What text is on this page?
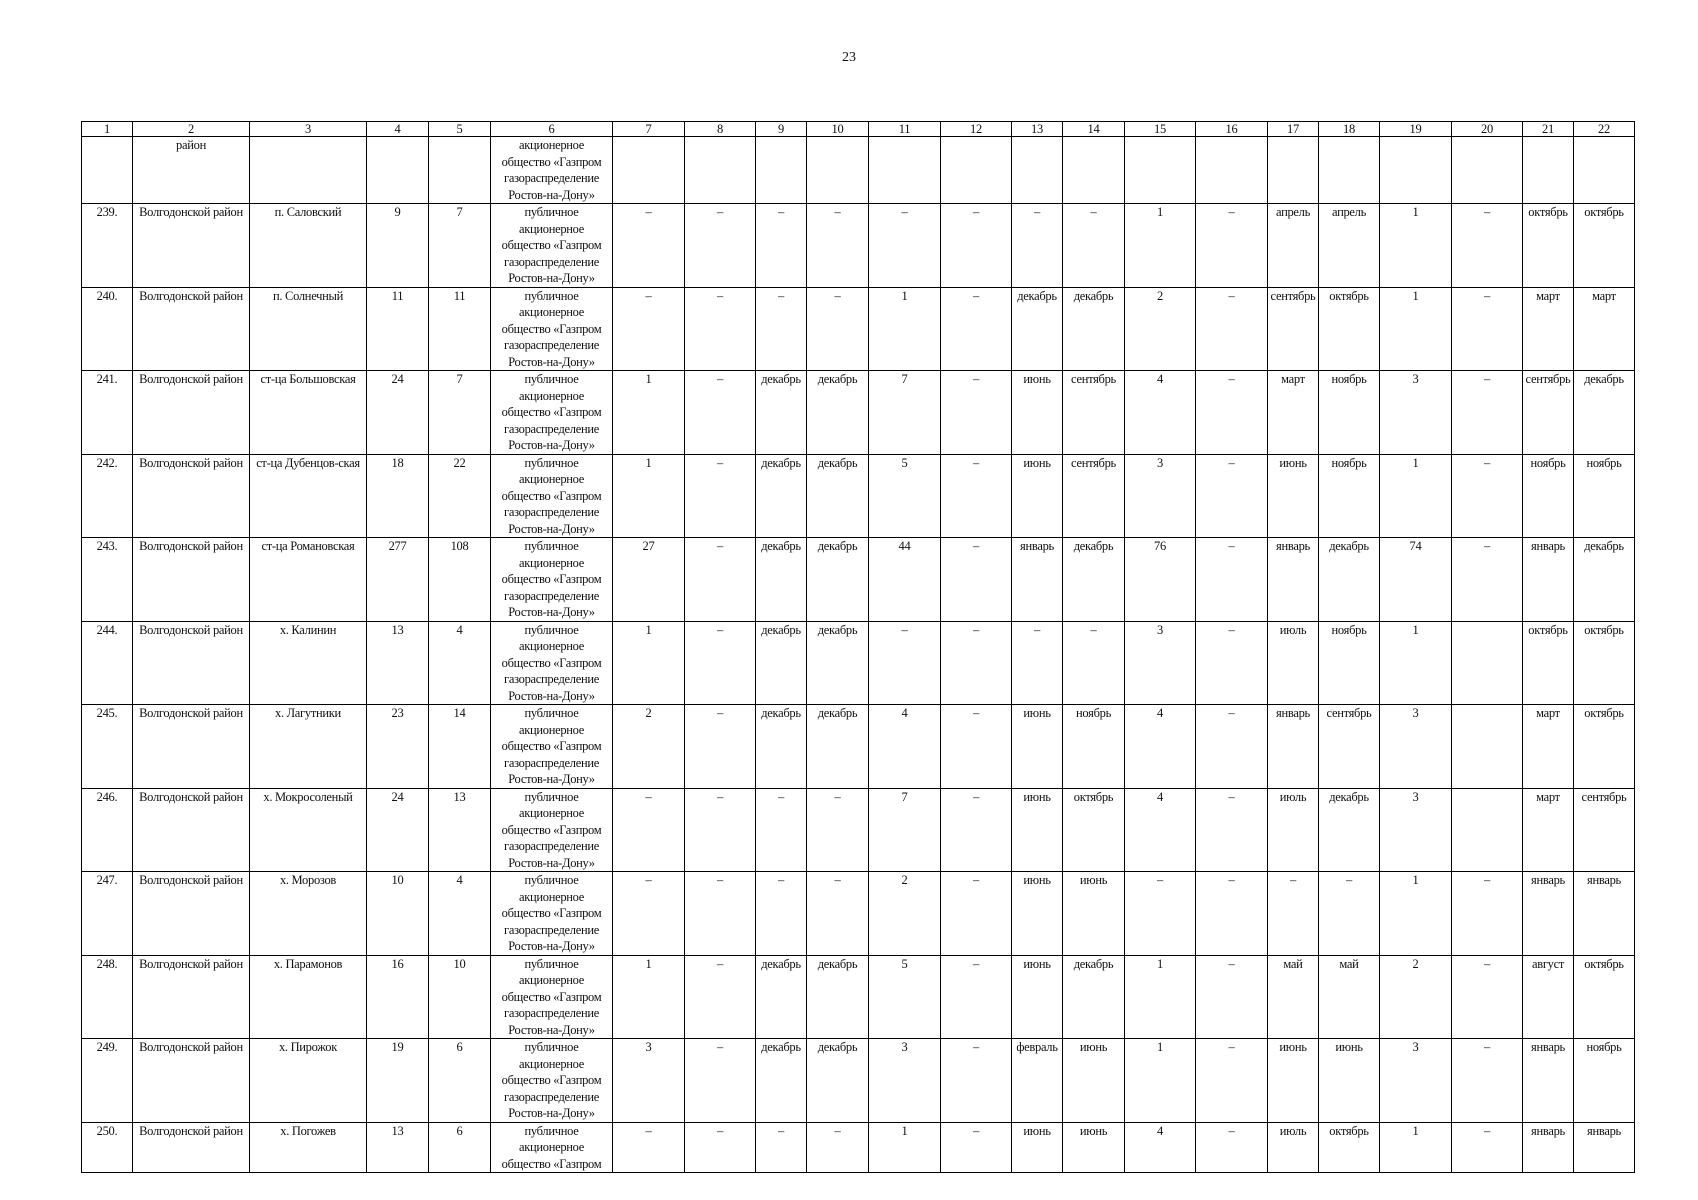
23
1	2	3	4	5	6	7	8	9	10	11	12	13	14	15	16	17	18	19	20	21	22
	район				акционерное
общество «Газпром
газораспределение
Ростов-на-Дону»																
239.	Волгодонской район	п. Саловский	9	7	публичное
акционерное
общество «Газпром
газораспределение
Ростов-на-Дону»	–	–	–	–	–	–	–	–	1	–	апрель	апрель	1	–	октябрь	октябрь
240.	Волгодонской район	п. Солнечный	11	11	публичное
акционерное
общество «Газпром
газораспределение
Ростов-на-Дону»	–	–	–	–	1	–	декабрь	декабрь	2	–	сентябрь	октябрь	1	–	март	март
241.	Волгодонской район	ст-ца Большовская	24	7	публичное
акционерное
общество «Газпром
газораспределение
Ростов-на-Дону»	1	–	декабрь	декабрь	7	–	июнь	сентябрь	4	–	март	ноябрь	3	–	сентябрь	декабрь
242.	Волгодонской район	ст-ца Дубенцов-ская	18	22	публичное
акционерное
общество «Газпром
газораспределение
Ростов-на-Дону»	1	–	декабрь	декабрь	5	–	июнь	сентябрь	3	–	июнь	ноябрь	1	–	ноябрь	ноябрь
243.	Волгодонской район	ст-ца Романовская	277	108	публичное
акционерное
общество «Газпром
газораспределение
Ростов-на-Дону»	27	–	декабрь	декабрь	44	–	январь	декабрь	76	–	январь	декабрь	74	–	январь	декабрь
244.	Волгодонской район	х. Калинин	13	4	публичное
акционерное
общество «Газпром
газораспределение
Ростов-на-Дону»	1	–	декабрь	декабрь	–	–	–	–	3	–	июль	ноябрь	1		октябрь	октябрь
245.	Волгодонской район	х. Лагутники	23	14	публичное
акционерное
общество «Газпром
газораспределение
Ростов-на-Дону»	2	–	декабрь	декабрь	4	–	июнь	ноябрь	4	–	январь	сентябрь	3		март	октябрь
246.	Волгодонской район	х. Мокросоленый	24	13	публичное
акционерное
общество «Газпром
газораспределение
Ростов-на-Дону»	–	–	–	–	7	–	июнь	октябрь	4	–	июль	декабрь	3		март	сентябрь
247.	Волгодонской район	х. Морозов	10	4	публичное
акционерное
общество «Газпром
газораспределение
Ростов-на-Дону»	–	–	–	–	2	–	июнь	июнь	–	–	–	–	1	–	январь	январь
248.	Волгодонской район	х. Парамонов	16	10	публичное
акционерное
общество «Газпром
газораспределение
Ростов-на-Дону»	1	–	декабрь	декабрь	5	–	июнь	декабрь	1	–	май	май	2	–	август	октябрь
249.	Волгодонской район	х. Пирожок	19	6	публичное
акционерное
общество «Газпром
газораспределение
Ростов-на-Дону»	3	–	декабрь	декабрь	3	–	февраль	июнь	1	–	июнь	июнь	3	–	январь	ноябрь
250.	Волгодонской район	х. Погожев	13	6	публичное
акционерное
общество «Газпром	–	–	–	–	1	–	июнь	июнь	4	–	июль	октябрь	1	–	январь	январь
